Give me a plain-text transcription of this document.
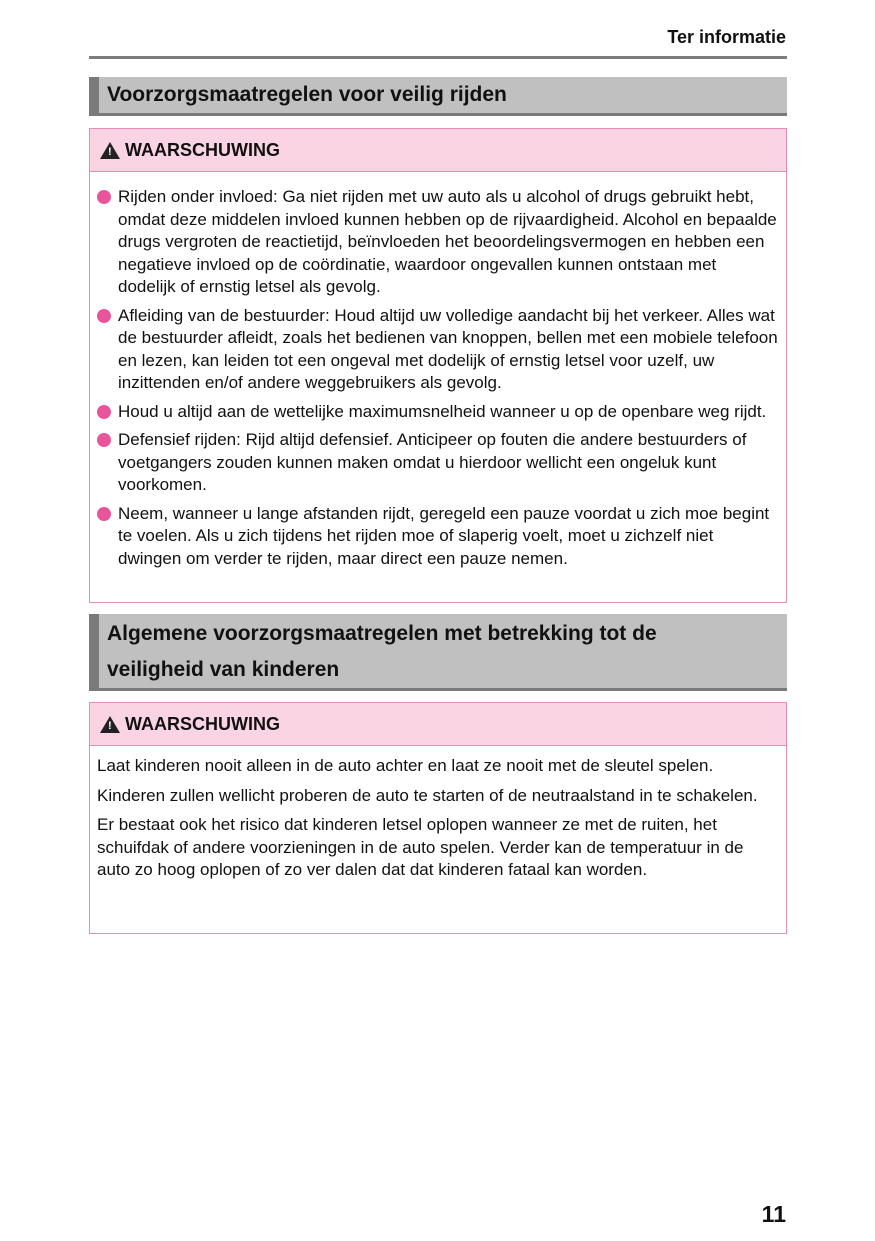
Ter informatie
Voorzorgsmaatregelen voor veilig rijden
! WAARSCHUWING
Rijden onder invloed: Ga niet rijden met uw auto als u alcohol of drugs gebruikt hebt, omdat deze middelen invloed kunnen hebben op de rijvaardigheid. Alcohol en bepaalde drugs vergroten de reactietijd, beïnvloeden het beoordelingsvermogen en hebben een negatieve invloed op de coördinatie, waardoor ongevallen kunnen ontstaan met dodelijk of ernstig letsel als gevolg.
Afleiding van de bestuurder: Houd altijd uw volledige aandacht bij het verkeer. Alles wat de bestuurder afleidt, zoals het bedienen van knoppen, bellen met een mobiele telefoon en lezen, kan leiden tot een ongeval met dodelijk of ernstig letsel voor uzelf, uw inzittenden en/of andere weggebruikers als gevolg.
Houd u altijd aan de wettelijke maximumsnelheid wanneer u op de openbare weg rijdt.
Defensief rijden: Rijd altijd defensief. Anticipeer op fouten die andere bestuurders of voetgangers zouden kunnen maken omdat u hierdoor wellicht een ongeluk kunt voorkomen.
Neem, wanneer u lange afstanden rijdt, geregeld een pauze voordat u zich moe begint te voelen. Als u zich tijdens het rijden moe of slaperig voelt, moet u zichzelf niet dwingen om verder te rijden, maar direct een pauze nemen.
Algemene voorzorgsmaatregelen met betrekking tot de
veiligheid van kinderen
! WAARSCHUWING

Laat kinderen nooit alleen in de auto achter en laat ze nooit met de sleutel spelen.

Kinderen zullen wellicht proberen de auto te starten of de neutraalstand in te schakelen.

Er bestaat ook het risico dat kinderen letsel oplopen wanneer ze met de ruiten, het schuifdak of andere voorzieningen in de auto spelen. Verder kan de temperatuur in de auto zo hoog oplopen of zo ver dalen dat dat kinderen fataal kan worden.

11
